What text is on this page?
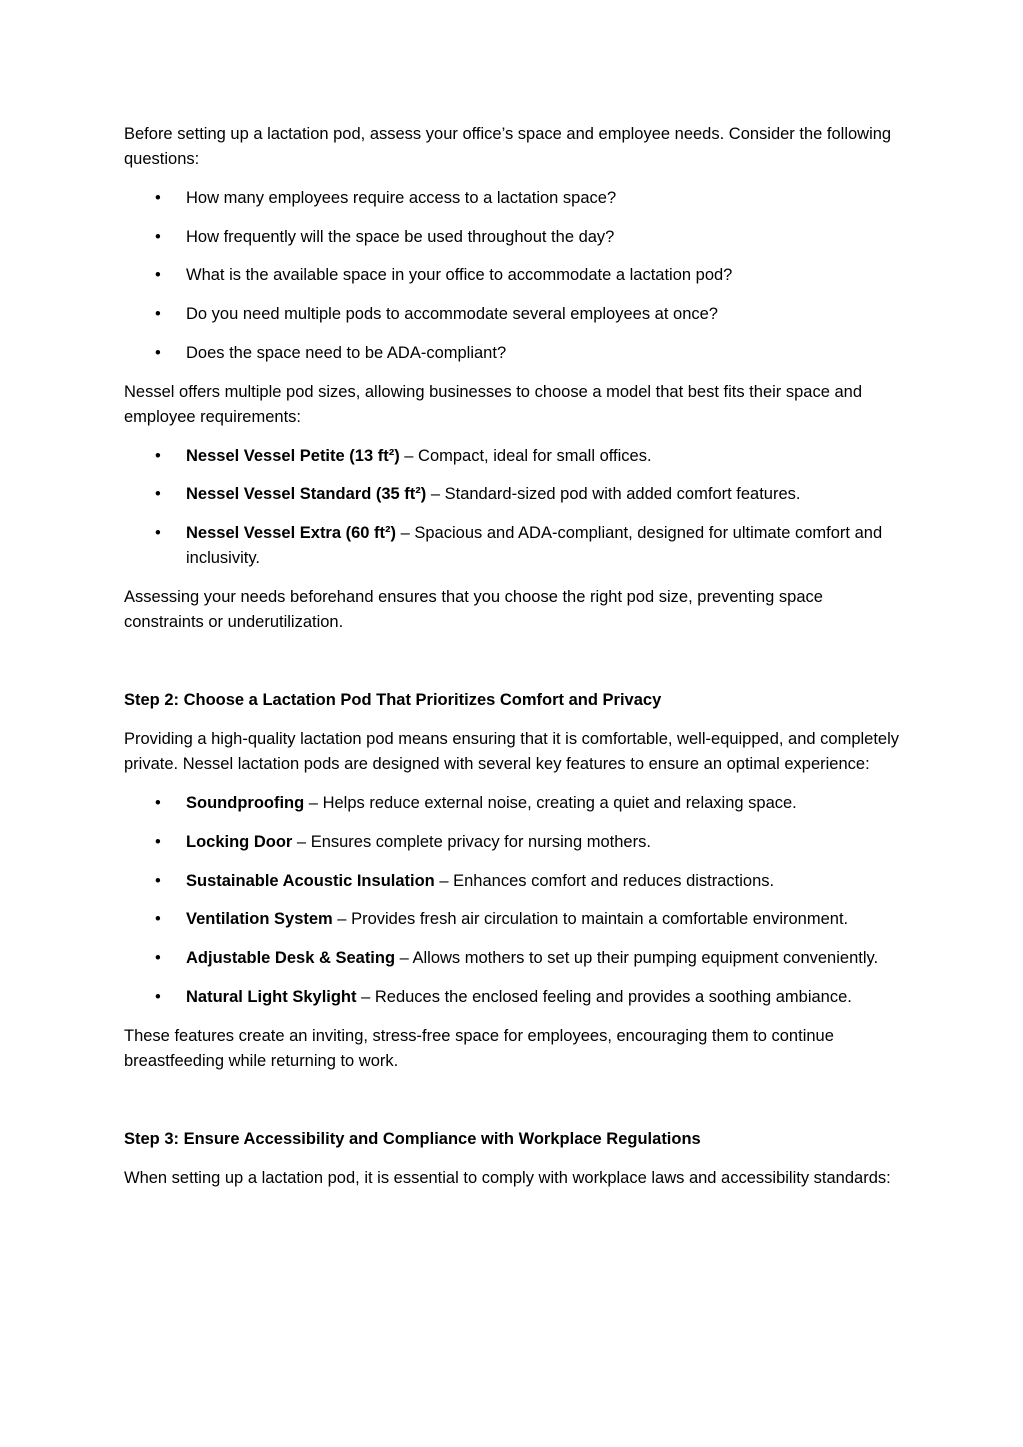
Before setting up a lactation pod, assess your office’s space and employee needs. Consider the following questions:

• How many employees require access to a lactation space?
• How frequently will the space be used throughout the day?
• What is the available space in your office to accommodate a lactation pod?
• Do you need multiple pods to accommodate several employees at once?
• Does the space need to be ADA-compliant?

Nessel offers multiple pod sizes, allowing businesses to choose a model that best fits their space and employee requirements:

• Nessel Vessel Petite (13 ft²) – Compact, ideal for small offices.
• Nessel Vessel Standard (35 ft²) – Standard-sized pod with added comfort features.
• Nessel Vessel Extra (60 ft²) – Spacious and ADA-compliant, designed for ultimate comfort and inclusivity.

Assessing your needs beforehand ensures that you choose the right pod size, preventing space constraints or underutilization.

Step 2: Choose a Lactation Pod That Prioritizes Comfort and Privacy

Providing a high-quality lactation pod means ensuring that it is comfortable, well-equipped, and completely private. Nessel lactation pods are designed with several key features to ensure an optimal experience:

• Soundproofing – Helps reduce external noise, creating a quiet and relaxing space.
• Locking Door – Ensures complete privacy for nursing mothers.
• Sustainable Acoustic Insulation – Enhances comfort and reduces distractions.
• Ventilation System – Provides fresh air circulation to maintain a comfortable environment.
• Adjustable Desk & Seating – Allows mothers to set up their pumping equipment conveniently.
• Natural Light Skylight – Reduces the enclosed feeling and provides a soothing ambiance.

These features create an inviting, stress-free space for employees, encouraging them to continue breastfeeding while returning to work.

Step 3: Ensure Accessibility and Compliance with Workplace Regulations

When setting up a lactation pod, it is essential to comply with workplace laws and accessibility standards:
